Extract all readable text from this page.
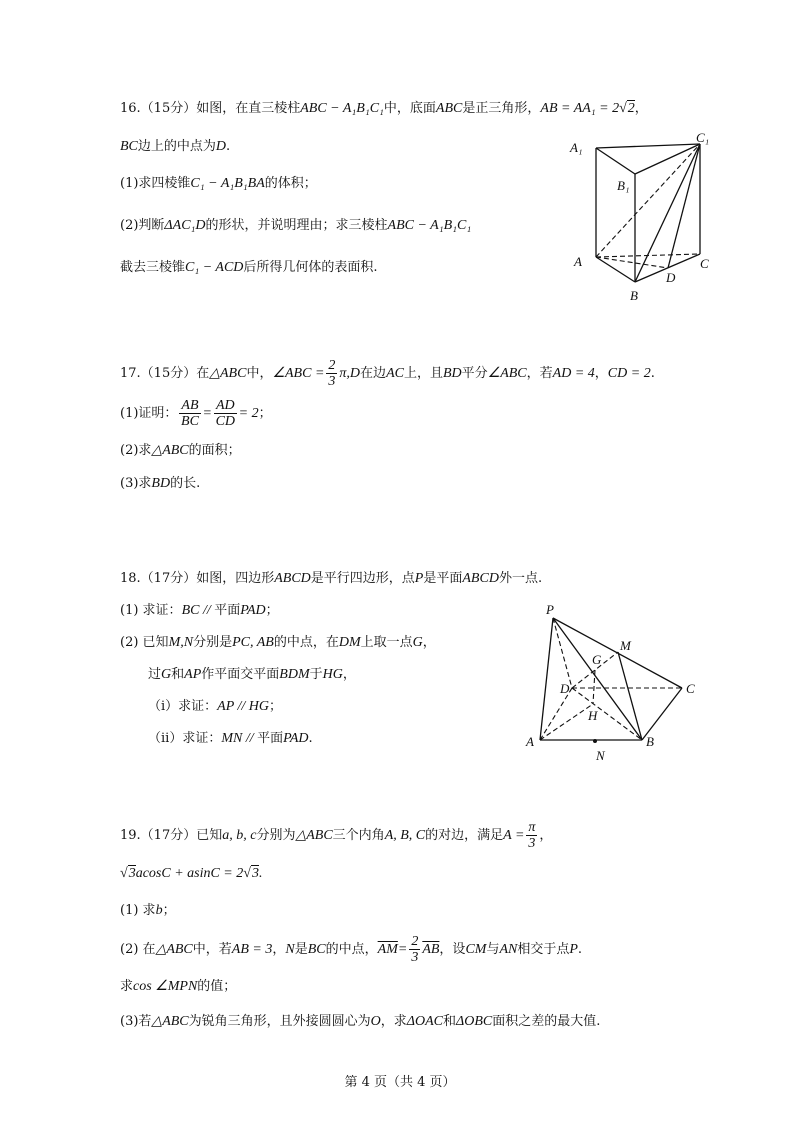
16.（15分）如图，在直三棱柱ABC − A₁B₁C₁中，底面ABC是正三角形，AB = AA₁ = 2√2，
BC边上的中点为D.
(1)求四棱锥C₁ − A₁B₁BA的体积；
(2)判断ΔAC₁D的形状，并说明理由；求三棱柱ABC − A₁B₁C₁
截去三棱锥C₁ − ACD后所得几何体的表面积.
A₁
C₁
B₁
A	C
D
B
17.（15分）在△ABC中，∠ABC = $\frac{2}{3} \pi,D$在边AC上，且BD平分∠ABC，若AD = 4，CD = 2.
(1)证明： $\frac{AB}{BC} = \frac{AD}{CD} = 2$；
(2)求△ABC的面积；
(3)求BD的长.
18.（17分）如图，四边形ABCD是平行四边形，点P是平面ABCD外一点.
(1) 求证：BC // 平面PAD；
(2) 已知M,N分别是PC, AB的中点，在DM上取一点G，
过G和AP作平面交平面BDM于HG，
（i）求证：AP // HG；
（ii）求证：MN // 平面PAD.
P
M
G
D	C
H
A	B
N
19.（17分）已知a, b, c分别为△ABC三个内角A, B, C的对边，满足$A = \frac{\pi}{3}$ ，
√3acosC + asinC = 2√3.
(1) 求b；
(2) 在△ABC中，若AB = 3，N是BC的中点，$\overline{AM}= \frac{2}{3} \overline{AB}$，设CM与AN相交于点P.
求cos ∠MPN的值；
(3)若△ABC为锐角三角形，且外接圆圆心为O，求ΔOAC和ΔOBC面积之差的最大值.
第 4 页（共 4 页）
